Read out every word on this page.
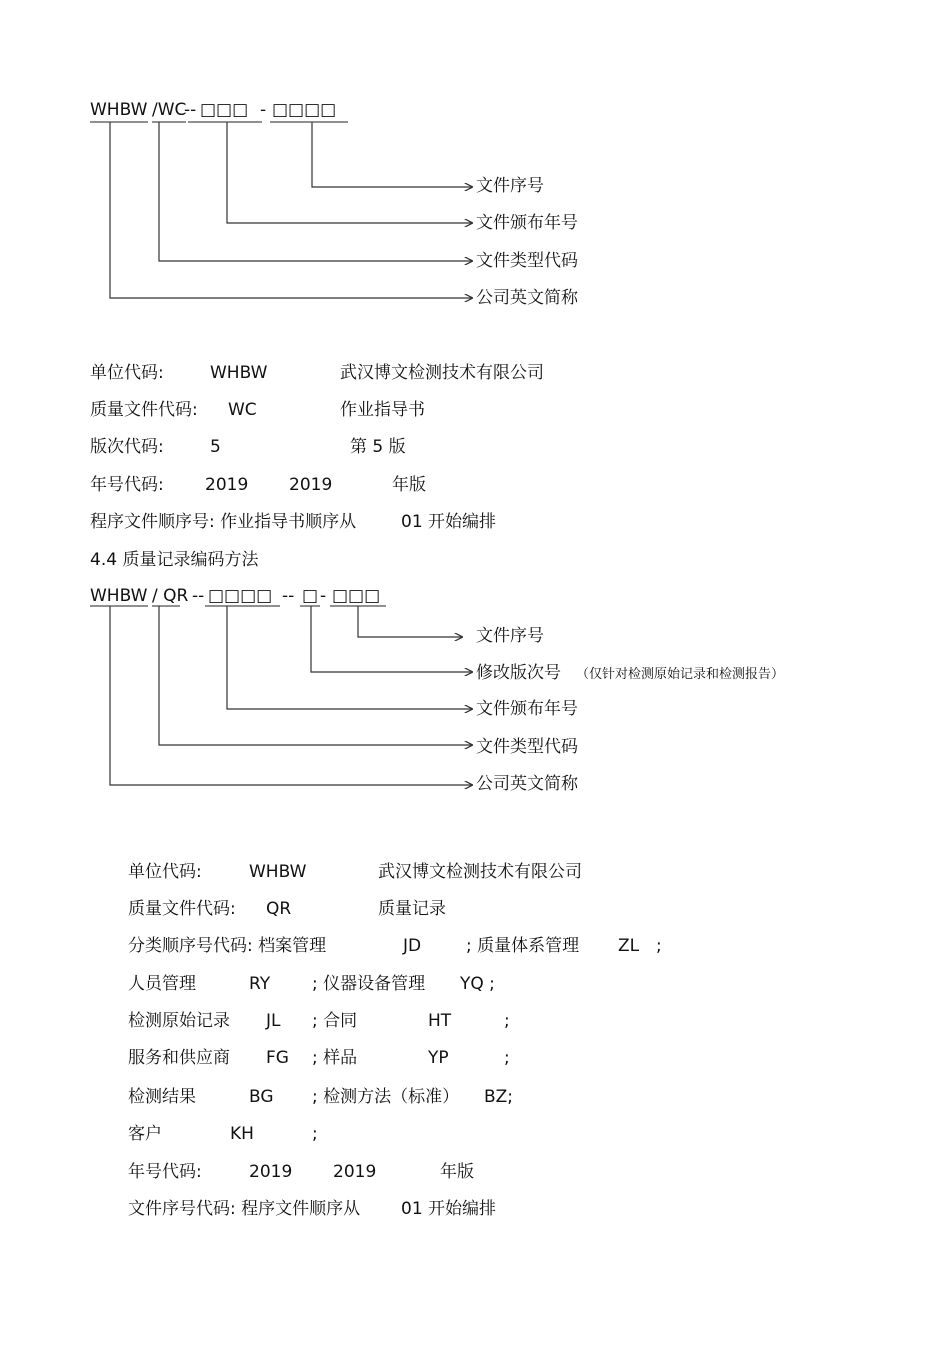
WHBW /WC
-- □□□ - □□□□
文件序号
文件颁布年号
文件类型代码
公司英文简称
单位代码:	WHBW	武汉博文检测技术有限公司
质量文件代码: WC	作业指导书
版次代码:	5	第 5 版
年号代码: 2019 2019	年版
程序文件顺序号: 作业指导书顺序从	01 开始编排
4.4 质量记录编码方法
WHBW / QR -- □□□□ -- □ - □□□
文件序号
修改版次号 （仅针对检测原始记录和检测报告）
文件颁布年号
文件类型代码
公司英文简称
单位代码:	WHBW	武汉博文检测技术有限公司
质量文件代码: QR	质量记录
分类顺序号代码: 档案管理	JD	; 质量体系管理 ZL ;
人员管理	RY ; 仪器设备管理 YQ ;
检测原始记录 JL ; 合同	HT	;
服务和供应商 FG ; 样品	YP	;
检测结果	BG ; 检测方法（标准） BZ;
客户	KH	;
年号代码:	2019 2019	年版
文件序号代码: 程序文件顺序从 01 开始编排
